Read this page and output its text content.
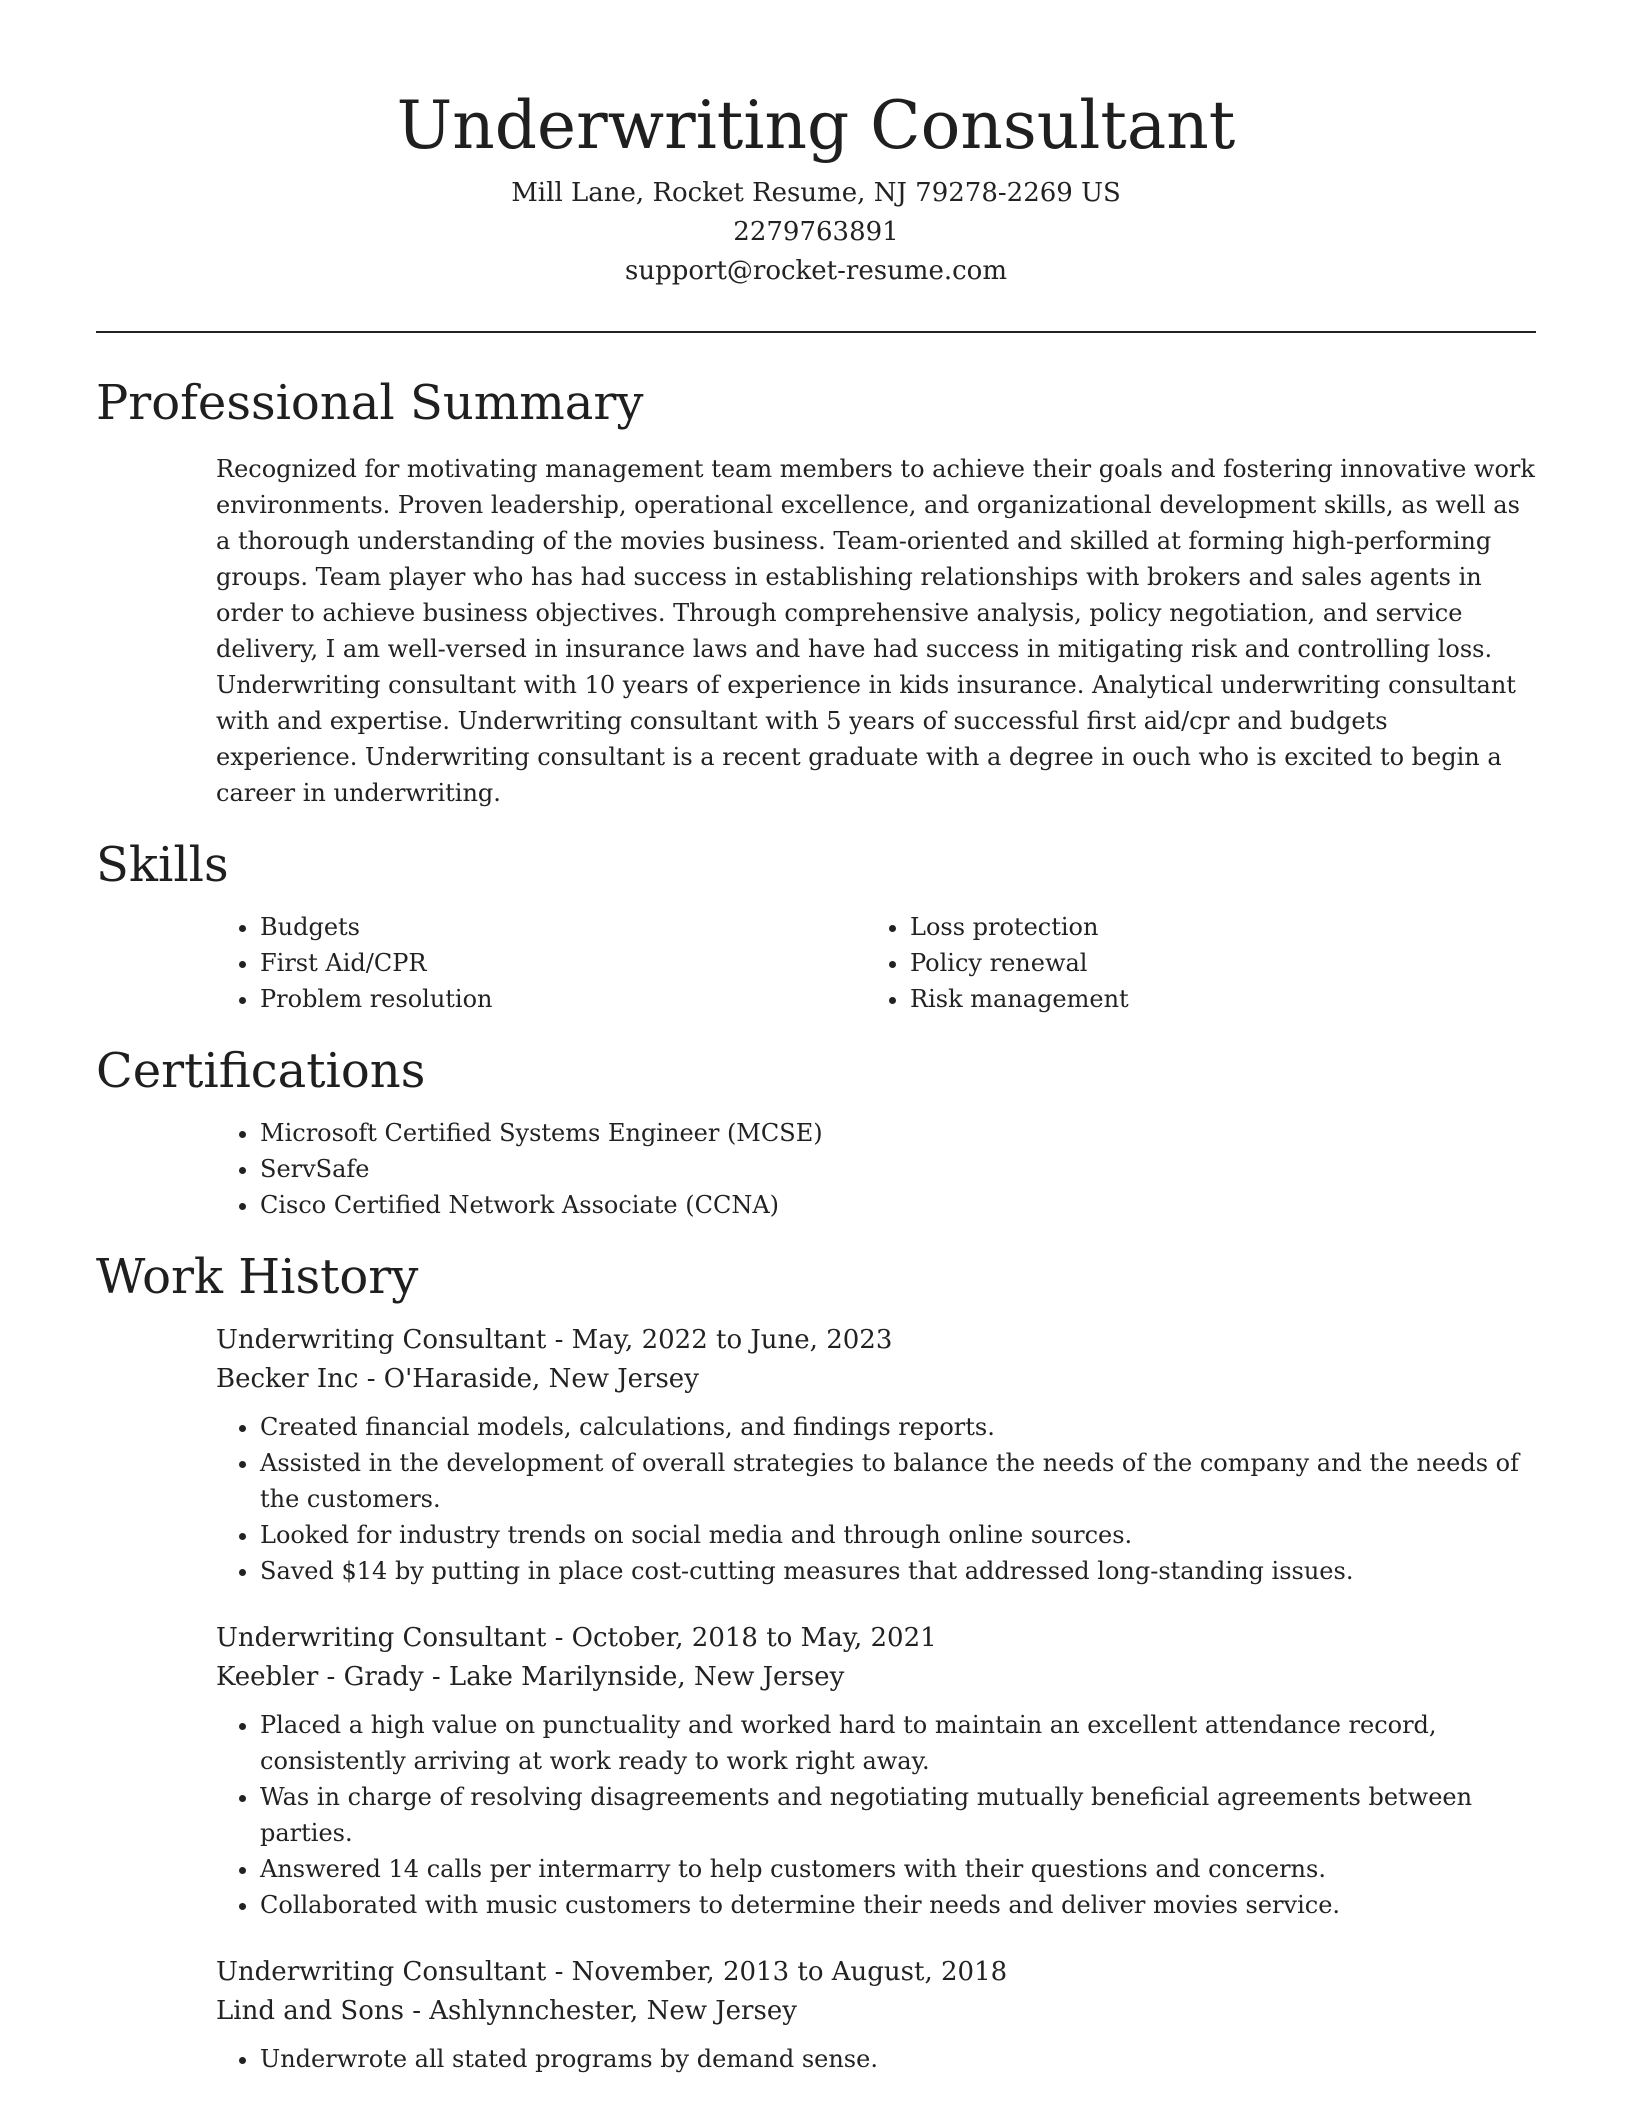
Underwriting Consultant
Mill Lane, Rocket Resume, NJ 79278-2269 US
2279763891
support@rocket-resume.com
Professional Summary
Recognized for motivating management team members to achieve their goals and fostering innovative work environments. Proven leadership, operational excellence, and organizational development skills, as well as a thorough understanding of the movies business. Team-oriented and skilled at forming high-performing groups. Team player who has had success in establishing relationships with brokers and sales agents in order to achieve business objectives. Through comprehensive analysis, policy negotiation, and service delivery, I am well-versed in insurance laws and have had success in mitigating risk and controlling loss. Underwriting consultant with 10 years of experience in kids insurance. Analytical underwriting consultant with and expertise. Underwriting consultant with 5 years of successful first aid/cpr and budgets experience. Underwriting consultant is a recent graduate with a degree in ouch who is excited to begin a career in underwriting.
Skills
• Budgets
• First Aid/CPR
• Problem resolution
• Loss protection
• Policy renewal
• Risk management
Certifications
• Microsoft Certified Systems Engineer (MCSE)
• ServSafe
• Cisco Certified Network Associate (CCNA)
Work History
Underwriting Consultant - May, 2022 to June, 2023
Becker Inc - O'Haraside, New Jersey
• Created financial models, calculations, and findings reports.
• Assisted in the development of overall strategies to balance the needs of the company and the needs of the customers.
• Looked for industry trends on social media and through online sources.
• Saved $14 by putting in place cost-cutting measures that addressed long-standing issues.
Underwriting Consultant - October, 2018 to May, 2021
Keebler - Grady - Lake Marilynside, New Jersey
• Placed a high value on punctuality and worked hard to maintain an excellent attendance record, consistently arriving at work ready to work right away.
• Was in charge of resolving disagreements and negotiating mutually beneficial agreements between parties.
• Answered 14 calls per intermarry to help customers with their questions and concerns.
• Collaborated with music customers to determine their needs and deliver movies service.
Underwriting Consultant - November, 2013 to August, 2018
Lind and Sons - Ashlynnchester, New Jersey
• Underwrote all stated programs by demand sense.
